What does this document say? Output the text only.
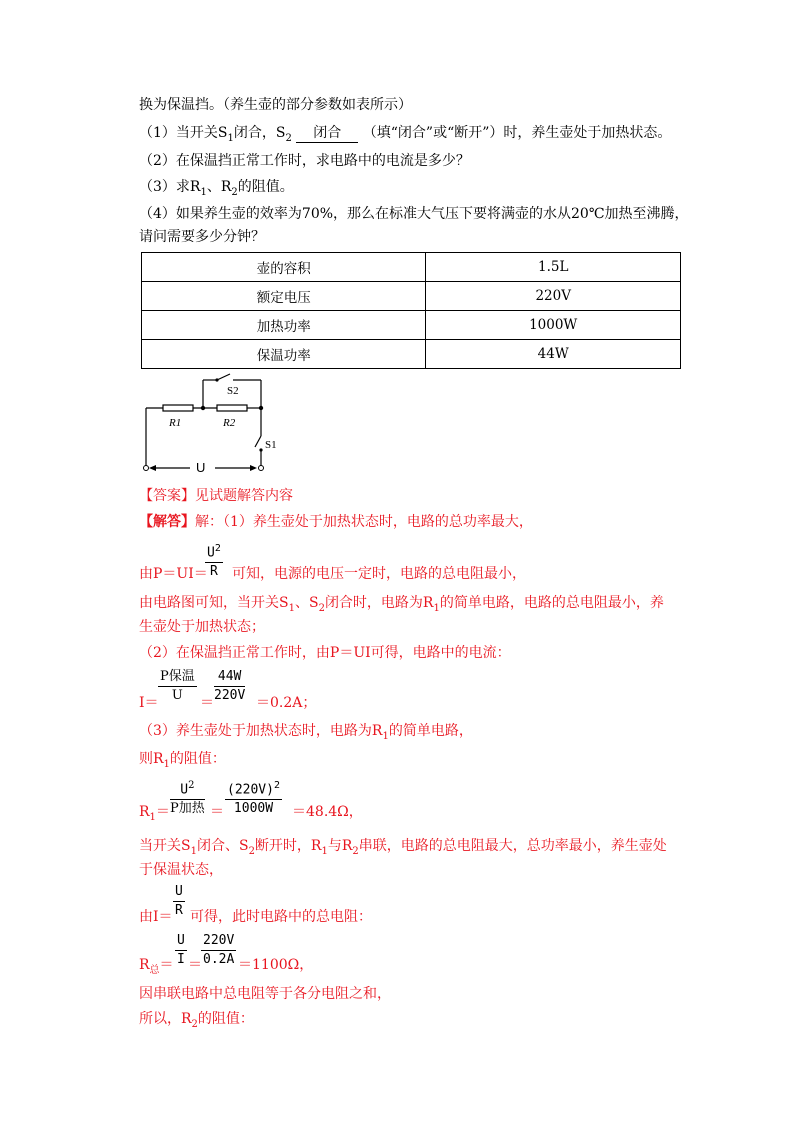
换为保温挡。（养生壶的部分参数如表所示）
（1）当开关$S_1$闭合，$S_2$ 闭合 （填“闭合”或“断开”）时，养生壶处于加热状态。
（2）在保温挡正常工作时，求电路中的电流是多少？
（3）求$R_1$、$R_2$的阻值。
（4）如果养生壶的效率为70%，那么在标准大气压下要将满壶的水从20℃加热至沸腾，
请问需要多少分钟？
壶的容积	1.5L
额定电压	220V
加热功率	1000W
保温功率	44W
R1	R2
S2
S1
U
【答案】见试题解答内容
【解答】解：（1）养生壶处于加热状态时，电路的总功率最大，
由P＝UI＝
$U^2$
R 可知，电源的电压一定时，电路的总电阻最小，
由电路图可知，当开关$S_1$、$S_2$闭合时，电路为$R_1$的简单电路，电路的总电阻最小，养
生壶处于加热状态；
（2）在保温挡正常工作时，由P＝UI可得，电路中的电流：
I＝
P保温
U ＝
44W
220V ＝0.2A；
（3）养生壶处于加热状态时，电路为$R_1$的简单电路，
则$R_1$的阻值：
$R_1=$
$U^2$
P加热 ＝
$(220V)^2$
1000W ＝48.4Ω，
当开关$S_1$闭合、$S_2$断开时，$R_1$与$R_2$串联，电路的总电阻最大，总功率最小，养生壶处
于保温状态，
由I＝
U
R 可得，此时电路中的总电阻：
$R_总=$
U
I ＝
220V
0.2A ＝1100Ω，
因串联电路中总电阻等于各分电阻之和，
所以，$R_2$的阻值：
